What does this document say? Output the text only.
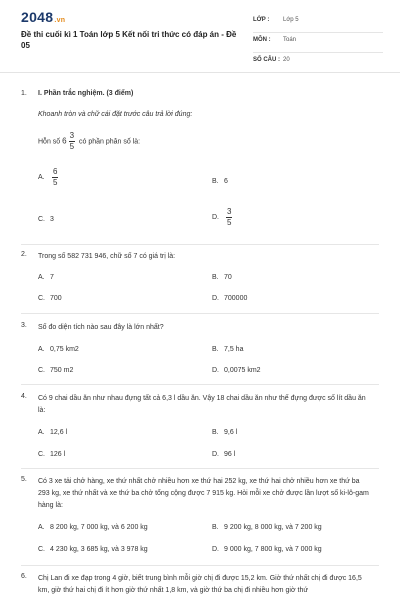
2048.vn
Đề thi cuối kì 1 Toán lớp 5 Kết nối tri thức có đáp án - Đề 05
LỚP : Lớp 5
MÔN : Toán
SỐ CÂU : 20
1. I. Phần trắc nghiệm. (3 điểm)
Khoanh tròn và chữ cái đặt trước câu trả lời đúng:
Hỗn số $6 \frac{3}{5}$ có phần phân số là:
A. $\frac{6}{5}$	B. 6
C. 3	D. $\frac{3}{5}$
2. Trong số 582 731 946, chữ số 7 có giá trị là:
A. 7	B. 70
C. 700	D. 700000
3. Số đo diện tích nào sau đây là lớn nhất?
A. 0,75 km2	B. 7,5 ha
C. 750 m2	D. 0,0075 km2
4. Có 9 chai dầu ăn như nhau đựng tất cả 6,3 l dầu ăn. Vậy 18 chai dầu ăn như thế đựng được số lít dầu ăn là:
A. 12,6 l	B. 9,6 l
C. 126 l	D. 96 l
5. Có 3 xe tải chở hàng, xe thứ nhất chở nhiều hơn xe thứ hai 252 kg, xe thứ hai chở nhiều hơn xe thứ ba 293 kg, xe thứ nhất và xe thứ ba chở tổng cộng được 7 915 kg. Hỏi mỗi xe chở được lần lượt số ki-lô-gam hàng là:
A. 8 200 kg, 7 000 kg, và 6 200 kg	B. 9 200 kg, 8 000 kg, và 7 200 kg
C. 4 230 kg, 3 685 kg, và 3 978 kg	D. 9 000 kg, 7 800 kg, và 7 000 kg
6. Chị Lan đi xe đạp trong 4 giờ, biết trung bình mỗi giờ chị đi được 15,2 km. Giờ thứ nhất chị đi được 16,5 km, giờ thứ hai chị đi ít hơn giờ thứ nhất 1,8 km, và giờ thứ ba chị đi nhiều hơn giờ thứ
